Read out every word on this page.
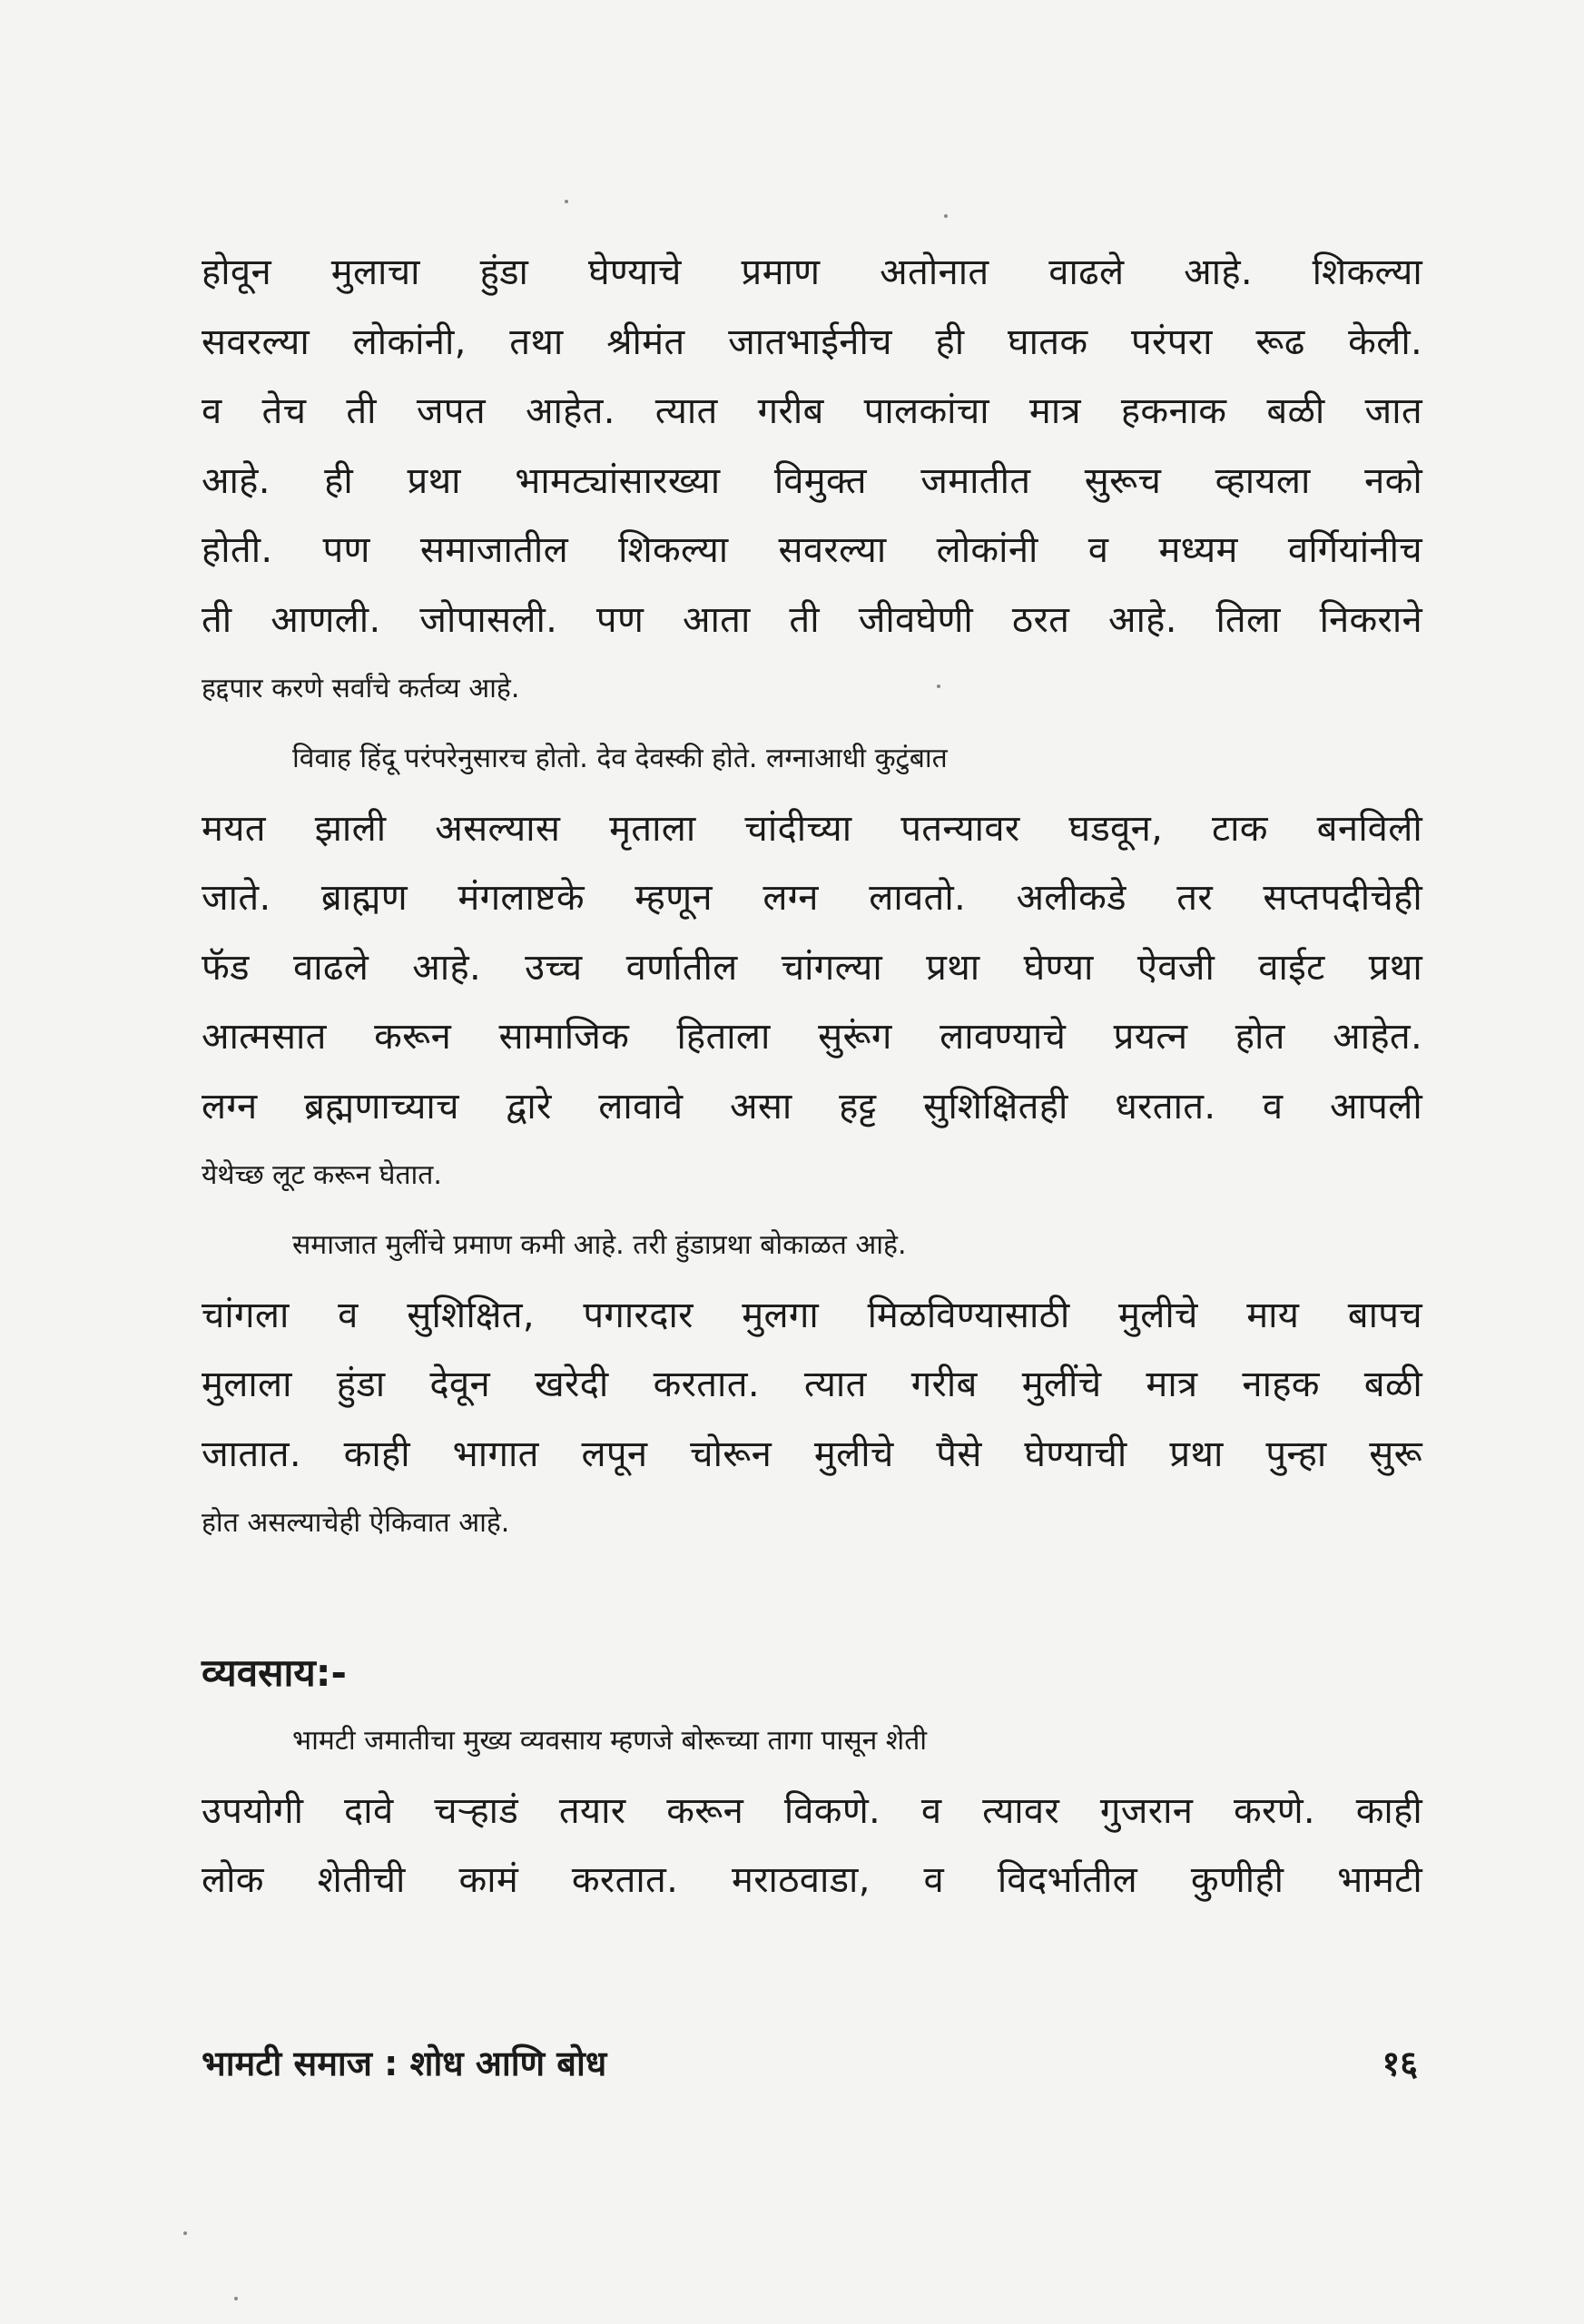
होवून मुलाचा हुंडा घेण्याचे प्रमाण अतोनात वाढले आहे. शिकल्या
सवरल्या लोकांनी, तथा श्रीमंत जातभाईनीच ही घातक परंपरा रूढ केली.
व तेच ती जपत आहेत. त्यात गरीब पालकांचा मात्र हकनाक बळी जात
आहे. ही प्रथा भामट्यांसारख्या विमुक्त जमातीत सुरूच व्हायला नको
होती. पण समाजातील शिकल्या सवरल्या लोकांनी व मध्यम वर्गियांनीच
ती आणली. जोपासली. पण आता ती जीवघेणी ठरत आहे. तिला निकराने
हद्दपार करणे सर्वांचे कर्तव्य आहे.
विवाह हिंदू परंपरेनुसारच होतो. देव देवस्की होते. लग्नाआधी कुटुंबात
मयत झाली असल्यास मृताला चांदीच्या पतन्यावर घडवून, टाक बनविली
जाते. ब्राह्मण मंगलाष्टके म्हणून लग्न लावतो. अलीकडे तर सप्तपदीचेही
फॅड वाढले आहे. उच्च वर्णातील चांगल्या प्रथा घेण्या ऐवजी वाईट प्रथा
आत्मसात करून सामाजिक हिताला सुरूंग लावण्याचे प्रयत्न होत आहेत.
लग्न ब्रह्मणाच्याच द्वारे लावावे असा हट्ट सुशिक्षितही धरतात. व आपली
येथेच्छ लूट करून घेतात.
समाजात मुलींचे प्रमाण कमी आहे. तरी हुंडाप्रथा बोकाळत आहे.
चांगला व सुशिक्षित, पगारदार मुलगा मिळविण्यासाठी मुलीचे माय बापच
मुलाला हुंडा देवून खरेदी करतात. त्यात गरीब मुलींचे मात्र नाहक बळी
जातात. काही भागात लपून चोरून मुलीचे पैसे घेण्याची प्रथा पुन्हा सुरू
होत असल्याचेही ऐकिवात आहे.
व्यवसाय:-
भामटी जमातीचा मुख्य व्यवसाय म्हणजे बोरूच्या तागा पासून शेती
उपयोगी दावे चऱ्हाडं तयार करून विकणे. व त्यावर गुजरान करणे. काही
लोक शेतीची कामं करतात. मराठवाडा, व विदर्भातील कुणीही भामटी
भामटी समाज : शोध आणि बोध	१६
